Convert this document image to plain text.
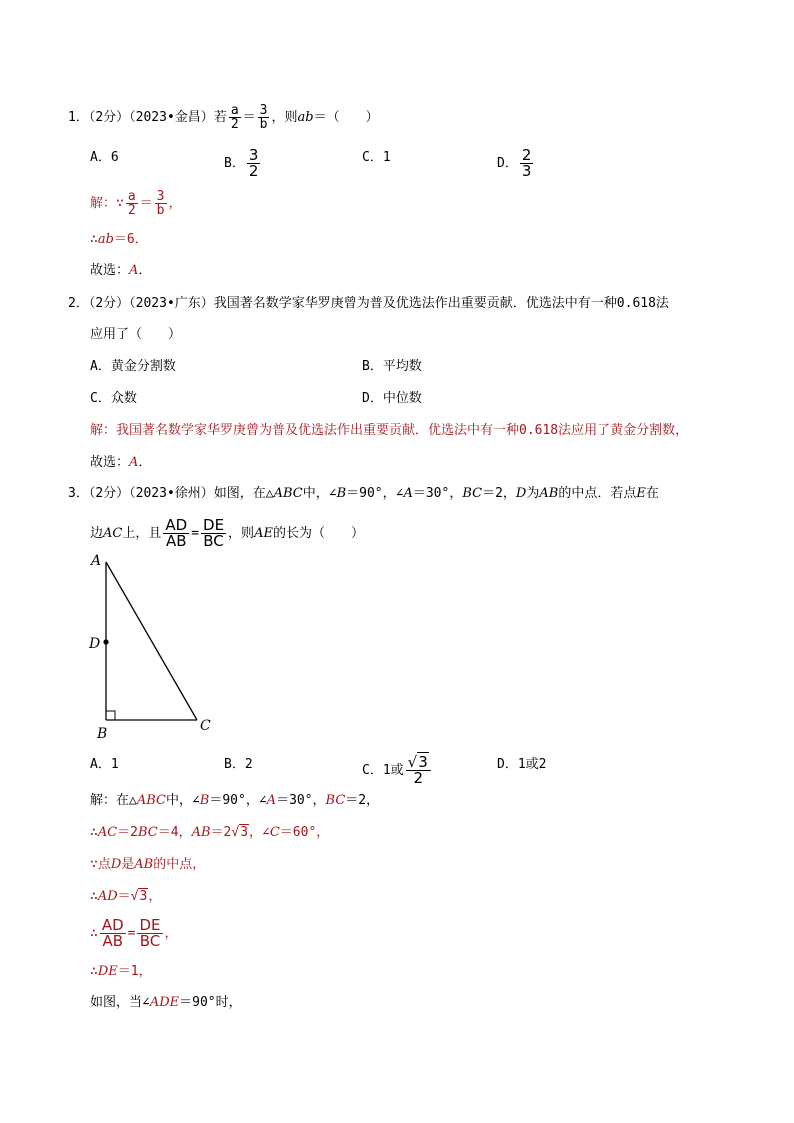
1．（2分）（2023•金昌）若 $\frac{a}{2} = \frac{3}{b}$ ，则ab＝（　　）
A．6	B． $\frac{3}{2}$	C．1	D． $\frac{2}{3}$
解：∵ $\frac{a}{2} = \frac{3}{b}$ ，
∴ab＝6．
故选：A．
2．（2分）（2023•广东）我国著名数学家华罗庚曾为普及优选法作出重要贡献．优选法中有一种0.618法
应用了（　　）
A．黄金分割数	B．平均数
C．众数	D．中位数
解：我国著名数学家华罗庚曾为普及优选法作出重要贡献．优选法中有一种0.618法应用了黄金分割数，
故选：A．
3．（2分）（2023•徐州）如图，在△ABC中，∠B＝90°，∠A＝30°，BC＝2，D为AB的中点．若点E在
边AC上，且 $\frac{AD}{AB} = \frac{DE}{BC}$ ，则AE的长为（　　）
A
D
B	C
A．1	B．2	C．1或 $\frac{√3}{2}$	D．1或2
解：在△ABC中，∠B＝90°，∠A＝30°，BC＝2，
∴AC＝2BC＝4，AB＝2√3，∠C＝60°，
∵点D是AB的中点，
∴AD＝√3，
∴ $\frac{AD}{AB} = \frac{DE}{BC}$ ，
∴DE＝1，
如图，当∠ADE＝90°时，
